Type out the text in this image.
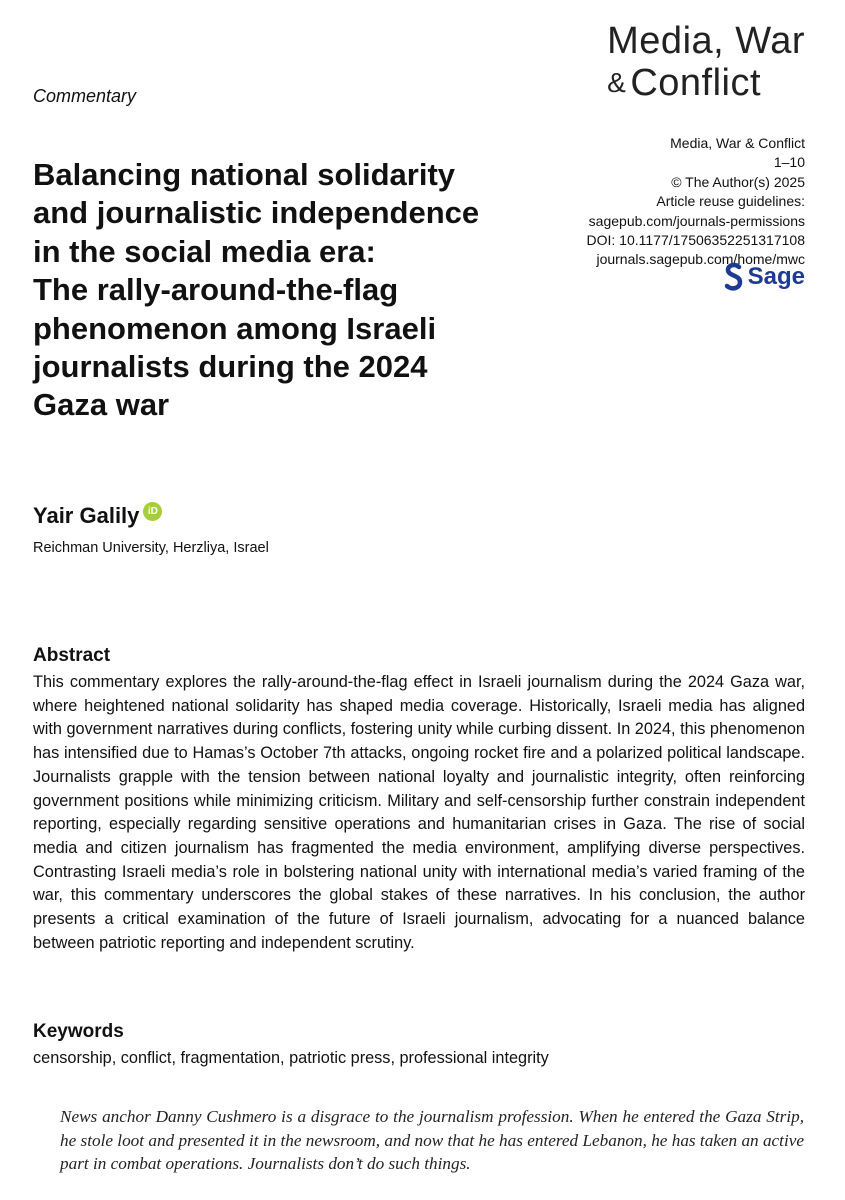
Media, War
& Conflict
Commentary
Media, War & Conflict
1–10
© The Author(s) 2025
Article reuse guidelines:
sagepub.com/journals-permissions
DOI: 10.1177/17506352251317108
journals.sagepub.com/home/mwc
Sage
Balancing national solidarity
and journalistic independence
in the social media era:
The rally-around-the-flag
phenomenon among Israeli
journalists during the 2024
Gaza war
Yair Galily iD
Reichman University, Herzliya, Israel
Abstract

This commentary explores the rally-around-the-flag effect in Israeli journalism during the 2024 Gaza war, where heightened national solidarity has shaped media coverage. Historically, Israeli media has aligned with government narratives during conflicts, fostering unity while curbing dissent. In 2024, this phenomenon has intensified due to Hamas’s October 7th attacks, ongoing rocket fire and a polarized political landscape. Journalists grapple with the tension between national loyalty and journalistic integrity, often reinforcing government positions while minimizing criticism. Military and self-censorship further constrain independent reporting, especially regarding sensitive operations and humanitarian crises in Gaza. The rise of social media and citizen journalism has fragmented the media environment, amplifying diverse perspectives. Contrasting Israeli media’s role in bolstering national unity with international media’s varied framing of the war, this commentary underscores the global stakes of these narratives. In his conclusion, the author presents a critical examination of the future of Israeli journalism, advocating for a nuanced balance between patriotic reporting and independent scrutiny.

Keywords
censorship, conflict, fragmentation, patriotic press, professional integrity

News anchor Danny Cushmero is a disgrace to the journalism profession. When he entered the Gaza Strip, he stole loot and presented it in the newsroom, and now that he has entered Lebanon, he has taken an active part in combat operations. Journalists don’t do such things.
